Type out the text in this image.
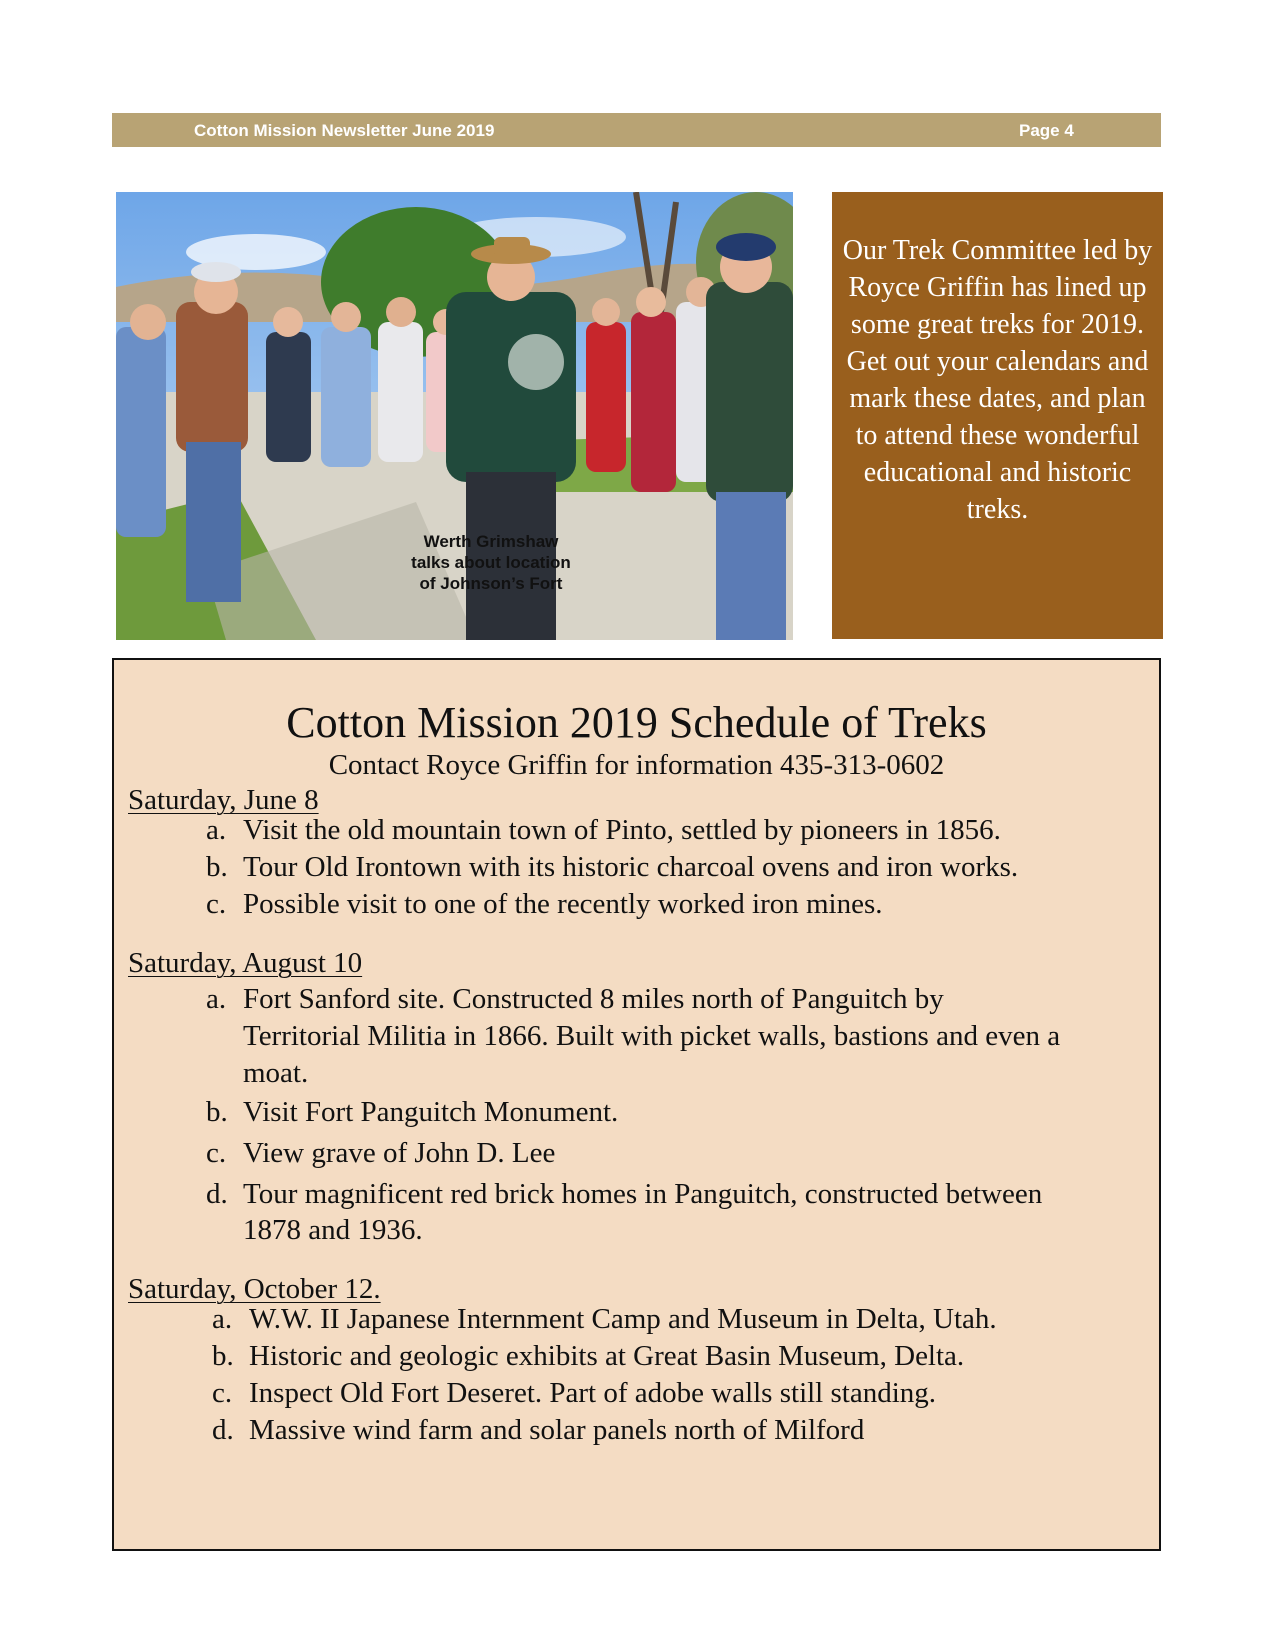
Cotton Mission Newsletter June 2019	Page 4
Werth Grimshaw talks about location of Johnson’s Fort
Our Trek Committee led by Royce Griffin has lined up some great treks for 2019. Get out your calendars and mark these dates, and plan to attend these wonderful educational and historic treks.
Cotton Mission 2019 Schedule of Treks
Contact Royce Griffin for information 435-313-0602
Saturday, June 8
a. Visit the old mountain town of Pinto, settled by pioneers in 1856.
b. Tour Old Irontown with its historic charcoal ovens and iron works.
c. Possible visit to one of the recently worked iron mines.
Saturday, August 10
a. Fort Sanford site. Constructed 8 miles north of Panguitch by
Territorial Militia in 1866. Built with picket walls, bastions and even a
moat.
b. Visit Fort Panguitch Monument.
c. View grave of John D. Lee
d. Tour magnificent red brick homes in Panguitch, constructed between
1878 and 1936.
Saturday, October 12.
a. W.W. II Japanese Internment Camp and Museum in Delta, Utah.
b. Historic and geologic exhibits at Great Basin Museum, Delta.
c. Inspect Old Fort Deseret. Part of adobe walls still standing.
d. Massive wind farm and solar panels north of Milford
